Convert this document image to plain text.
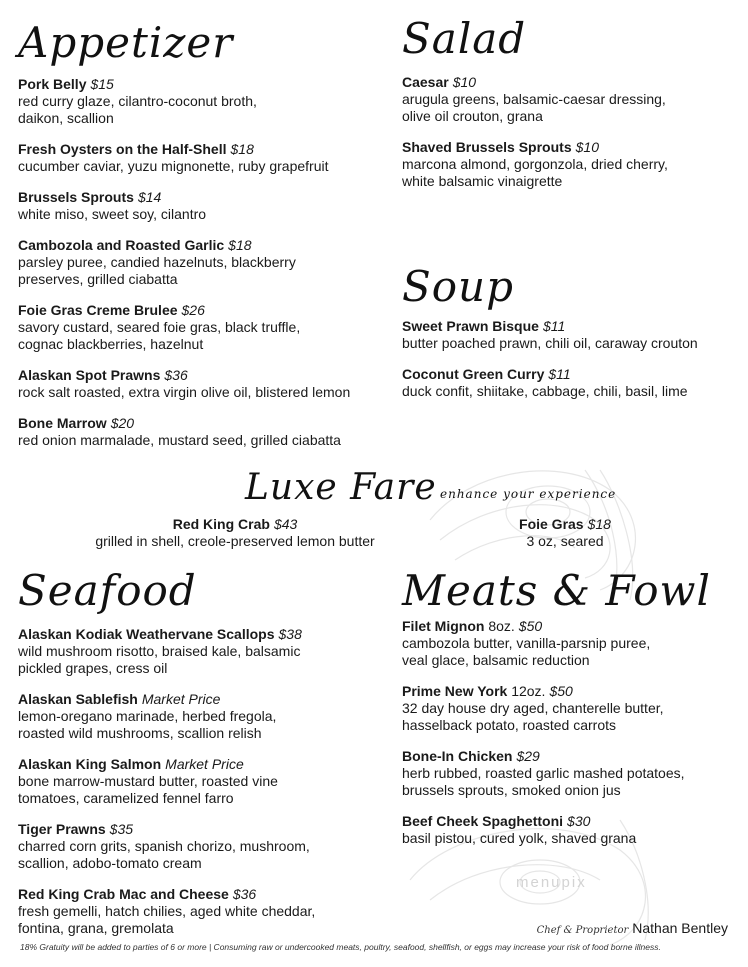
Appetizer
Pork Belly $15
red curry glaze, cilantro-coconut broth,
daikon, scallion
Fresh Oysters on the Half-Shell $18
cucumber caviar, yuzu mignonette, ruby grapefruit
Brussels Sprouts $14
white miso, sweet soy, cilantro
Cambozola and Roasted Garlic $18
parsley puree, candied hazelnuts, blackberry
preserves, grilled ciabatta
Foie Gras Creme Brulee $26
savory custard, seared foie gras, black truffle,
cognac blackberries, hazelnut
Alaskan Spot Prawns $36
rock salt roasted, extra virgin olive oil, blistered lemon
Bone Marrow $20
red onion marmalade, mustard seed, grilled ciabatta
Salad
Caesar $10
arugula greens, balsamic-caesar dressing,
olive oil crouton, grana
Shaved Brussels Sprouts $10
marcona almond, gorgonzola, dried cherry,
white balsamic vinaigrette
Soup
Sweet Prawn Bisque $11
butter poached prawn, chili oil, caraway crouton
Coconut Green Curry $11
duck confit, shiitake, cabbage, chili, basil, lime
Luxe Fare enhance your experience
Red King Crab $43
grilled in shell, creole-preserved lemon butter
Foie Gras $18
3 oz, seared
Seafood
Alaskan Kodiak Weathervane Scallops $38
wild mushroom risotto, braised kale, balsamic
pickled grapes, cress oil
Alaskan Sablefish Market Price
lemon-oregano marinade, herbed fregola,
roasted wild mushrooms, scallion relish
Alaskan King Salmon Market Price
bone marrow-mustard butter, roasted vine
tomatoes, caramelized fennel farro
Tiger Prawns $35
charred corn grits, spanish chorizo, mushroom,
scallion, adobo-tomato cream
Red King Crab Mac and Cheese $36
fresh gemelli, hatch chilies, aged white cheddar,
fontina, grana, gremolata
Meats & Fowl
Filet Mignon 8oz. $50
cambozola butter, vanilla-parsnip puree,
veal glace, balsamic reduction
Prime New York 12oz. $50
32 day house dry aged, chanterelle butter,
hasselback potato, roasted carrots
Bone-In Chicken $29
herb rubbed, roasted garlic mashed potatoes,
brussels sprouts, smoked onion jus
Beef Cheek Spaghettoni $30
basil pistou, cured yolk, shaved grana
menupix
Chef & Proprietor Nathan Bentley
18% Gratuity will be added to parties of 6 or more | Consuming raw or undercooked meats, poultry, seafood, shellfish, or eggs may increase your risk of food borne illness.
